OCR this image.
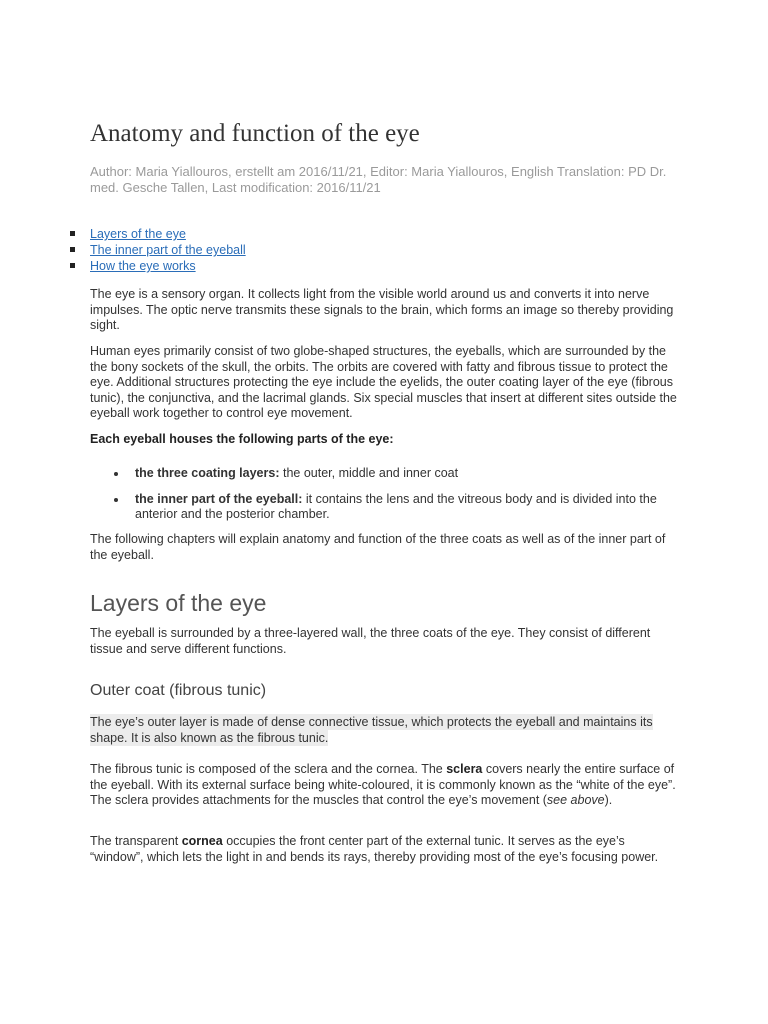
Anatomy and function of the eye

Author: Maria Yiallouros, erstellt am 2016/11/21, Editor: Maria Yiallouros, English Translation: PD Dr. med. Gesche Tallen, Last modification: 2016/11/21

Layers of the eye
The inner part of the eyeball
How the eye works

The eye is a sensory organ. It collects light from the visible world around us and converts it into nerve impulses. The optic nerve transmits these signals to the brain, which forms an image so thereby providing sight.

Human eyes primarily consist of two globe-shaped structures, the eyeballs, which are surrounded by the the bony sockets of the skull, the orbits. The orbits are covered with fatty and fibrous tissue to protect the eye. Additional structures protecting the eye include the eyelids, the outer coating layer of the eye (fibrous tunic), the conjunctiva, and the lacrimal glands. Six special muscles that insert at different sites outside the eyeball work together to control eye movement.

Each eyeball houses the following parts of the eye:

the three coating layers: the outer, middle and inner coat
the inner part of the eyeball: it contains the lens and the vitreous body and is divided into the anterior and the posterior chamber.

The following chapters will explain anatomy and function of the three coats as well as of the inner part of the eyeball.

Layers of the eye

The eyeball is surrounded by a three-layered wall, the three coats of the eye. They consist of different tissue and serve different functions.

Outer coat (fibrous tunic)

The eye’s outer layer is made of dense connective tissue, which protects the eyeball and maintains its shape. It is also known as the fibrous tunic.

The fibrous tunic is composed of the sclera and the cornea. The sclera covers nearly the entire surface of the eyeball. With its external surface being white-coloured, it is commonly known as the “white of the eye”. The sclera provides attachments for the muscles that control the eye’s movement (see above).

The transparent cornea occupies the front center part of the external tunic. It serves as the eye’s “window”, which lets the light in and bends its rays, thereby providing most of the eye’s focusing power.
